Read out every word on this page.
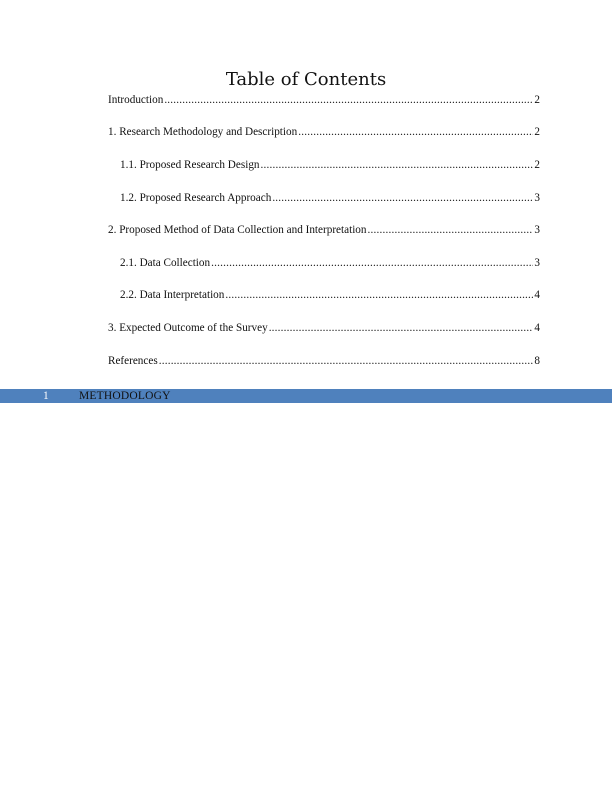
Table of Contents
Introduction .....	2
1. Research Methodology and Description .....	2
1.1. Proposed Research Design .....	2
1.2. Proposed Research Approach .....	3
2. Proposed Method of Data Collection and Interpretation .....	3
2.1. Data Collection .....	3
2.2. Data Interpretation .....	4
3. Expected Outcome of the Survey .....	4
References .....	8
1	METHODOLOGY
